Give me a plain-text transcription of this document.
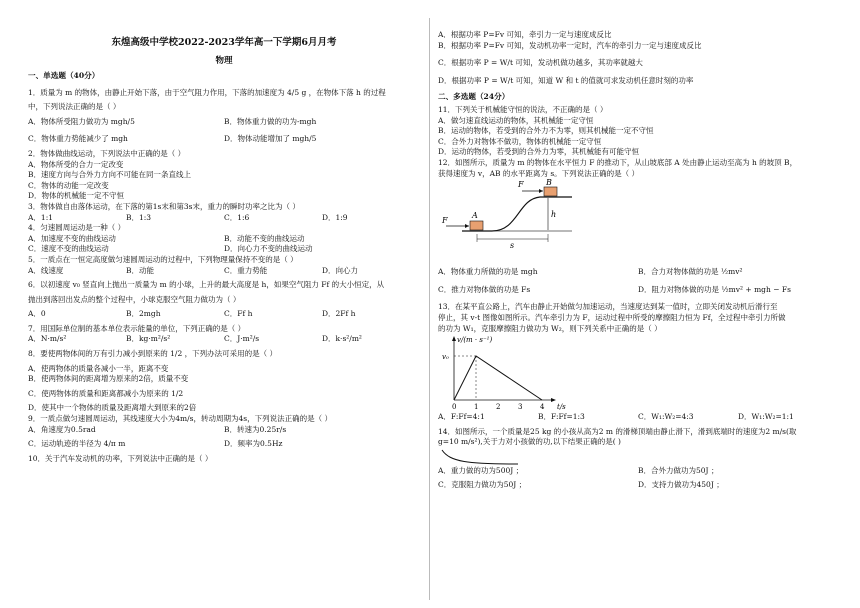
东煌高级中学校2022-2023学年高一下学期6月月考
物理
一、单选题（40分）
1．质量为 m 的物体，由静止开始下落，由于空气阻力作用，下落的加速度为 4/5 g ，在物体下落 h 的过程
中，下列说法正确的是（ ）
A．物体所受阻力做功为 mgh/5	B．物体重力做的功为-mgh
C．物体重力势能减少了 mgh	D．物体动能增加了 mgh/5
2．物体做曲线运动，下列说法中正确的是（ ）
A．物体所受的合力一定改变
B．速度方向与合外力方向不可能在同一条直线上
C．物体的动能一定改变
D．物体的机械能一定不守恒
3．物体做自由落体运动，在下落的第1s末和第3s末，重力的瞬时功率之比为（ ）
A．1:1	B．1:3	C．1:6	D．1:9
4．匀速圆周运动是一种（ ）
A．加速度不变的曲线运动	B．动能不变的曲线运动
C．速度不变的曲线运动	D．向心力不变的曲线运动
5．一质点在一恒定高度做匀速圆周运动的过程中，下列物理量保持不变的是（ ）
A．线速度	B．动能	C．重力势能	D．向心力
6．以初速度 v₀ 竖直向上抛出一质量为 m 的小球，上升的最大高度是 h，如果空气阻力 Ff 的大小恒定，从
抛出到落回出发点的整个过程中，小球克服空气阻力做功为（ ）
A．0	B．2mgh	C．Ff h	D．2Ff h
7．用国际单位制的基本单位表示能量的单位，下列正确的是（ ）
A．N·m/s²	B．kg·m²/s²	C．J·m²/s	D．k·s²/m²
8．要使两物体间的万有引力减小到原来的 1/2 ，下列办法可采用的是（ ）
A．使两物体的质量各减小一半，距离不变
B．使两物体间的距离增为原来的2倍，质量不变
C．使两物体的质量和距离都减小为原来的 1/2
D．使其中一个物体的质量及距离增大到原来的2倍
9．一质点做匀速圆周运动，其线速度大小为4m/s，转动周期为4s，下列说法正确的是（ ）
A．角速度为0.5rad	B．转速为0.25r/s
C．运动轨迹的半径为 4/π m	D．频率为0.5Hz
10．关于汽车发动机的功率，下列说法中正确的是（ ）
A．根据功率 P=Fv 可知，牵引力一定与速度成反比
B．根据功率 P=Fv 可知，发动机功率一定时，汽车的牵引力一定与速度成反比
C．根据功率 P = W/t 可知，发动机做功越多，其功率就越大
D．根据功率 P = W/t 可知，知道 W 和 t 的值就可求发动机任意时刻的功率
二、多选题（24分）
11．下列关于机械能守恒的说法，不正确的是（ ）
A．做匀速直线运动的物体，其机械能一定守恒
B．运动的物体，若受到的合外力不为零，则其机械能一定不守恒
C．合外力对物体不做功，物体的机械能一定守恒
D．运动的物体，若受到的合外力为零，其机械能有可能守恒
12．如图所示，质量为 m 的物体在水平恒力 F 的推动下，从山坡底部 A 处由静止运动至高为 h 的坡顶 B，
获得速度为 v，AB 的水平距离为 s。下列说法正确的是（ ）
F
A
F	B
h
s
A．物体重力所做的功是 mgh	B．合力对物体做的功是 ½mv²
C．推力对物体做的功是 Fs	D．阻力对物体做的功是 ½mv² + mgh − Fs
13．在某平直公路上，汽车由静止开始做匀加速运动，当速度达到某一值时，立即关闭发动机后滑行至
停止，其 v-t 图像如图所示。汽车牵引力为 F，运动过程中所受的摩擦阻力恒为 Ff，全过程中牵引力所做
的功为 W₁，克服摩擦阻力做功为 W₂，则下列关系中正确的是（ ）
v/(m · s⁻¹)
v₀
t/s
0	1	2	3	4
A．F:Ff=4:1	B．F:Ff=1:3	C．W₁:W₂=4:3	D．W₁:W₂=1:1
14．如图所示，一个质量是25 kg 的小孩从高为2 m 的滑梯顶端由静止滑下，滑到底端时的速度为2 m/s(取
g=10 m/s²),关于力对小孩做的功,以下结果正确的是( )
A．重力做的功为500J ；	B．合外力做功为50J ；
C．克服阻力做功为50J ；	D．支持力做功为450J ；
